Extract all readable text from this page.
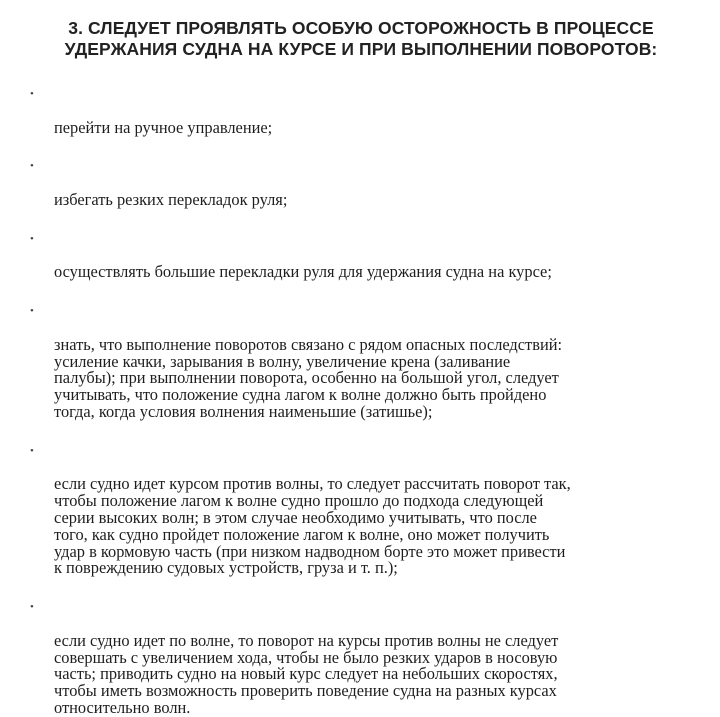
3. СЛЕДУЕТ ПРОЯВЛЯТЬ ОСОБУЮ ОСТОРОЖНОСТЬ В ПРОЦЕССЕ
УДЕРЖАНИЯ СУДНА НА КУРСЕ И ПРИ ВЫПОЛНЕНИИ ПОВОРОТОВ:

•

перейти на ручное управление;

•

избегать резких перекладок руля;

•

осуществлять большие перекладки руля для удержания судна на курсе;

•

знать, что выполнение поворотов связано с рядом опасных последствий:
усиление качки, зарывания в волну, увеличение крена (заливание
палубы); при выполнении поворота, особенно на большой угол, следует
учитывать, что положение судна лагом к волне должно быть пройдено
тогда, когда условия волнения наименьшие (затишье);

•

если судно идет курсом против волны, то следует рассчитать поворот так,
чтобы положение лагом к волне судно прошло до подхода следующей
серии высоких волн; в этом случае необходимо учитывать, что после
того, как судно пройдет положение лагом к волне, оно может получить
удар в кормовую часть (при низком надводном борте это может привести
к повреждению судовых устройств, груза и т. п.);

•

если судно идет по волне, то поворот на курсы против волны не следует
совершать с увеличением хода, чтобы не было резких ударов в носовую
часть; приводить судно на новый курс следует на небольших скоростях,
чтобы иметь возможность проверить поведение судна на разных курсах
относительно волн.
